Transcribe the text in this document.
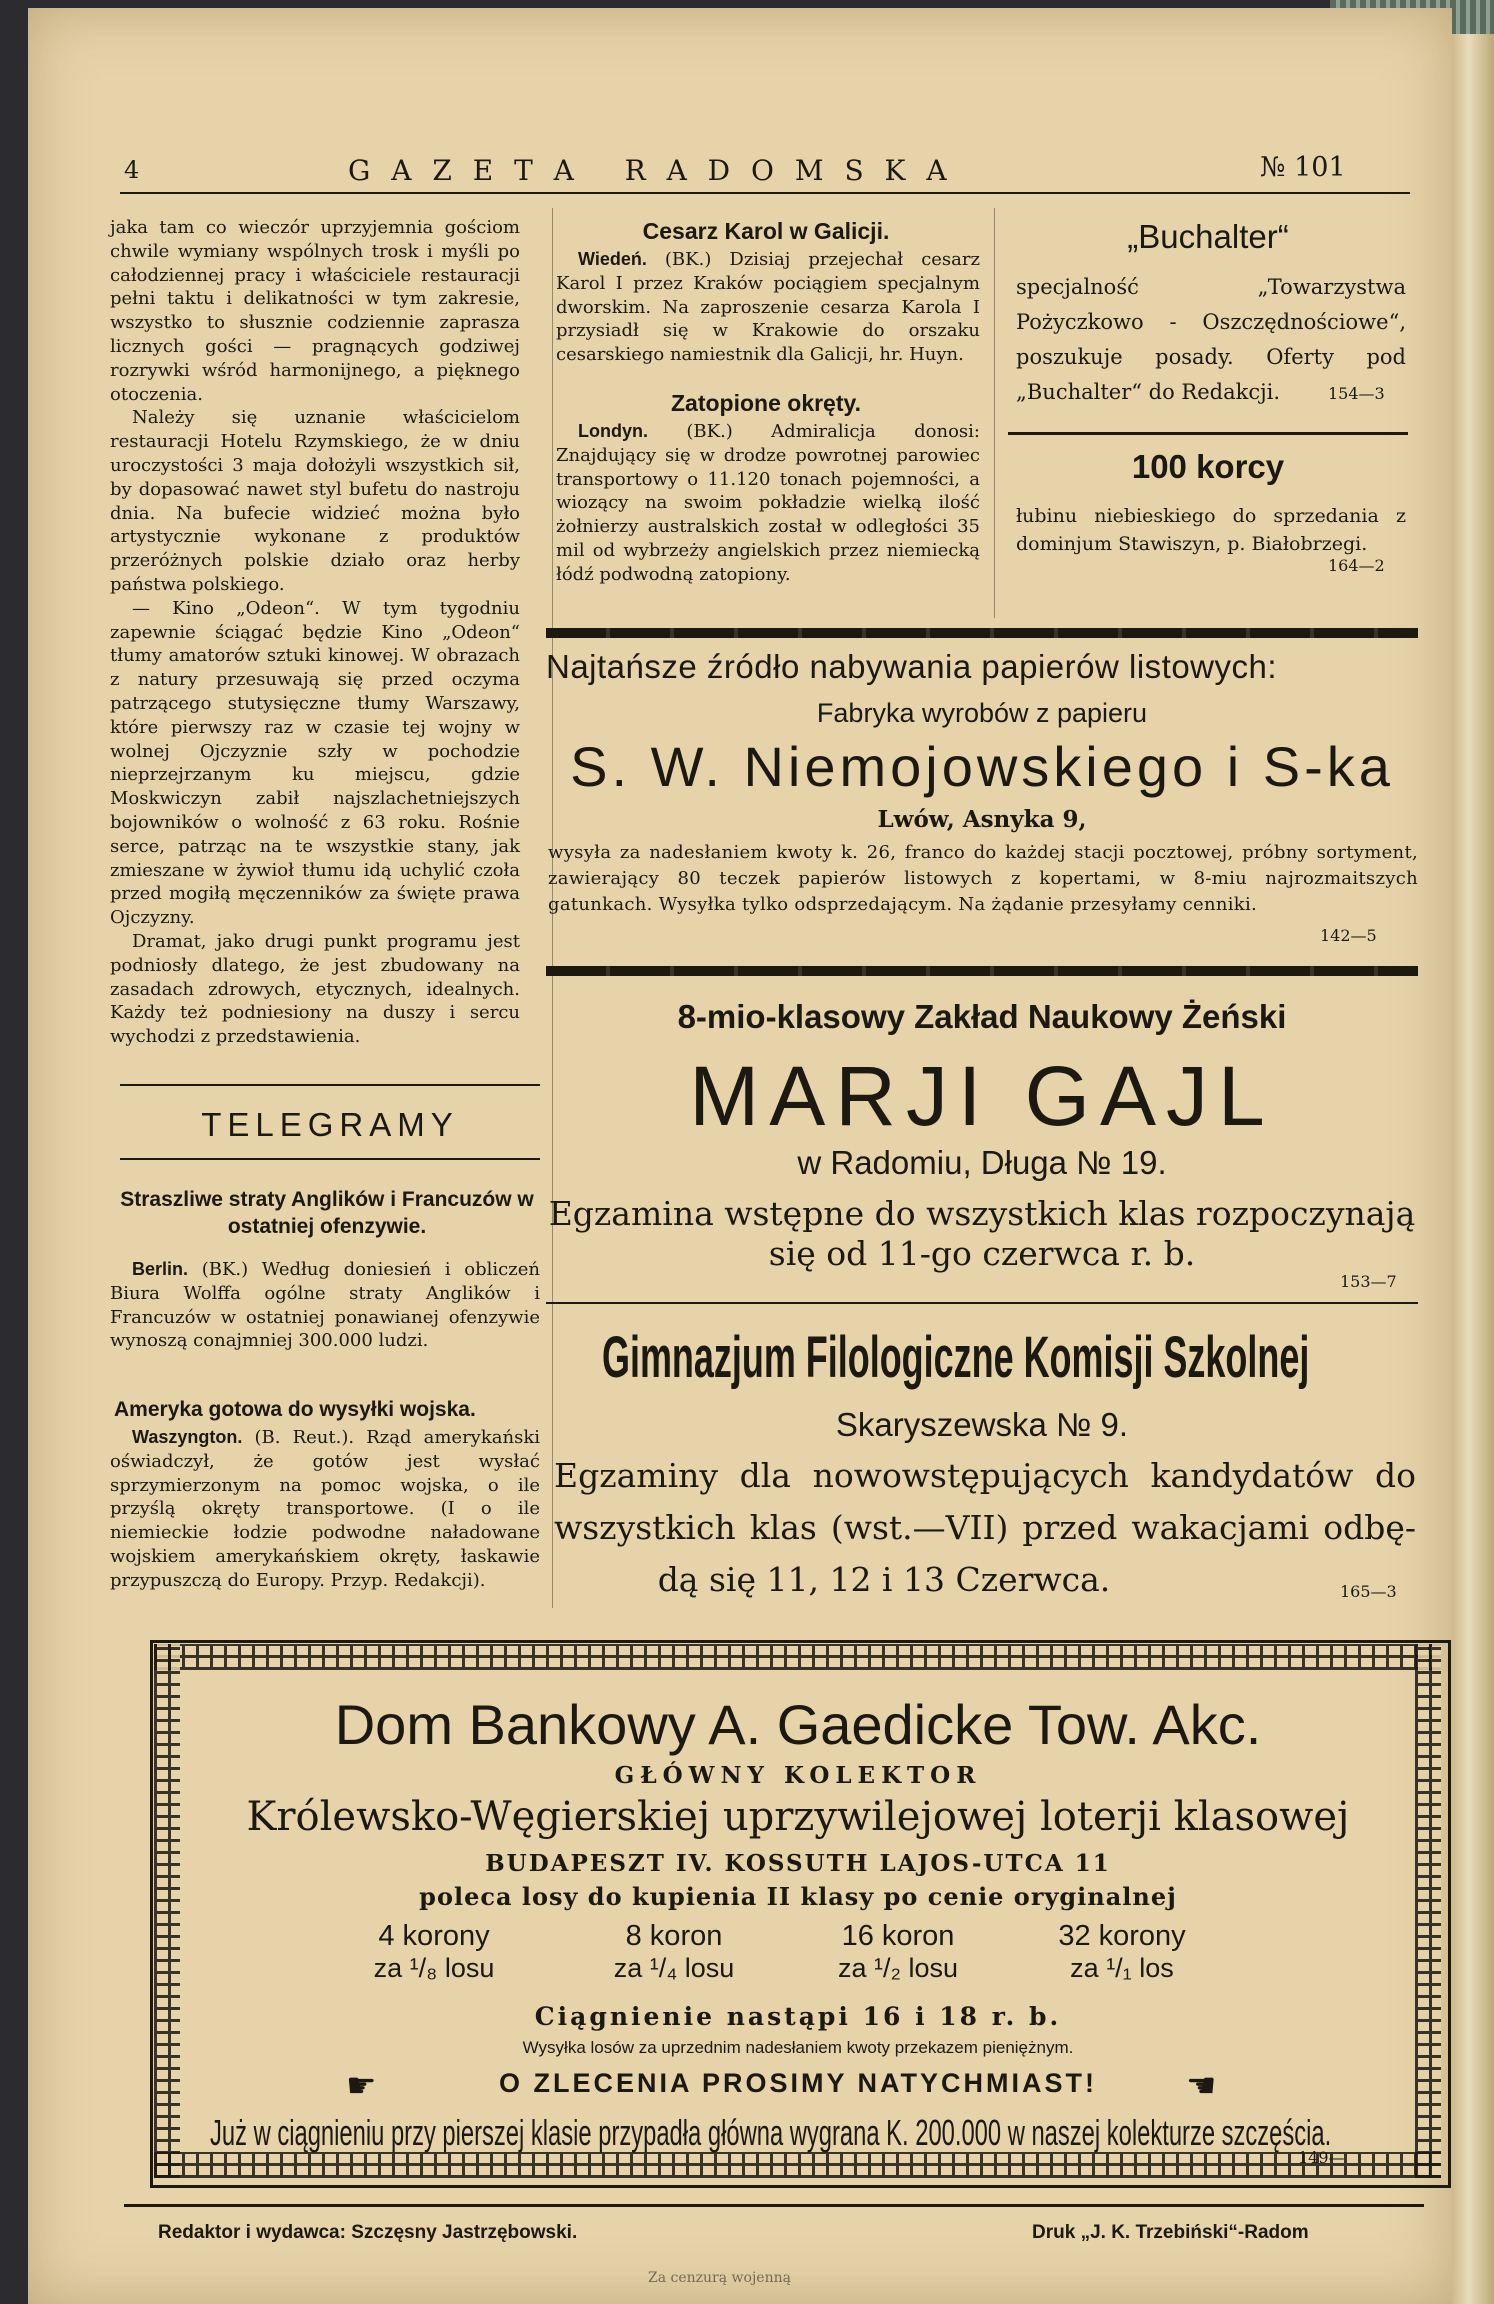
4	G A Z E T A   R A D O M S K A	№ 101

jaka tam co wieczór uprzyjemnia gościom chwile wymiany wspólnych trosk i myśli po całodziennej pracy i właściciele restauracji pełni taktu i delikatności w tym zakresie, wszystko to słusznie codziennie zaprasza licznych gości — pragnących godziwej rozrywki wśród harmonijnego, a pięknego otoczenia.

Należy się uznanie właścicielom restauracji Hotelu Rzymskiego, że w dniu uroczystości 3 maja dołożyli wszystkich sił, by dopasować nawet styl bufetu do nastroju dnia. Na bufecie widzieć można było artystycznie wykonane z produktów przeróżnych polskie działo oraz herby państwa polskiego.

— Kino „Odeon“. W tym tygodniu zapewnie ściągać będzie Kino „Odeon“ tłumy amatorów sztuki kinowej. W obrazach z natury przesuwają się przed oczyma patrzącego stutysięczne tłumy Warszawy, które pierwszy raz w czasie tej wojny w wolnej Ojczyznie szły w pochodzie nieprzejrzanym ku miejscu, gdzie Moskwiczyn zabił najszlachetniejszych bojowników o wolność z 63 roku. Rośnie serce, patrząc na te wszystkie stany, jak zmieszane w żywioł tłumu idą uchylić czoła przed mogiłą męczenników za święte prawa Ojczyzny.

Dramat, jako drugi punkt programu jest podniosły dlatego, że jest zbudowany na zasadach zdrowych, etycznych, idealnych. Każdy też podniesiony na duszy i sercu wychodzi z przedstawienia.

TELEGRAMY
Straszliwe straty Anglików i Francuzów w ostatniej ofenzywie.

Berlin. (BK.) Według doniesień i obliczeń Biura Wolffa ogólne straty Anglików i Francuzów w ostatniej ponawianej ofenzywie wynoszą conajmniej 300.000 ludzi.

Ameryka gotowa do wysyłki wojska.

Waszyngton. (B. Reut.). Rząd amerykański oświadczył, że gotów jest wysłać sprzymierzonym na pomoc wojska, o ile przyślą okręty transportowe. (I o ile niemieckie łodzie podwodne naładowane wojskiem amerykańskiem okręty, łaskawie przypuszczą do Europy. Przyp. Redakcji).

Cesarz Karol w Galicji.

Wiedeń. (BK.) Dzisiaj przejechał cesarz Karol I przez Kraków pociągiem specjalnym dworskim. Na zaproszenie cesarza Karola I przysiadł się w Krakowie do orszaku cesarskiego namiestnik dla Galicji, hr. Huyn.

Zatopione okręty.

Londyn. (BK.) Admiralicja donosi: Znajdujący się w drodze powrotnej parowiec transportowy o 11.120 tonach pojemności, a wiozący na swoim pokładzie wielką ilość żołnierzy australskich został w odległości 35 mil od wybrzeży angielskich przez niemiecką łódź podwodną zatopiony.

„Buchalter“
specjalność „Towarzystwa Pożyczkowo - Oszczędnościowe“, poszukuje posady. Oferty pod „Buchalter“ do Redakcji.	154—3
100 korcy
łubinu niebieskiego do sprzedania z dominjum Stawiszyn, p. Białobrzegi.
164—2
Najtańsze źródło nabywania papierów listowych:
Fabryka wyrobów z papieru
S. W. Niemojowskiego i S-ka
Lwów, Asnyka 9,
wysyła za nadesłaniem kwoty k. 26, franco do każdej stacji pocztowej, próbny sortyment, zawierający 80 teczek papierów listowych z kopertami, w 8-miu najrozmaitszych gatunkach. Wysyłka tylko odsprzedającym. Na żądanie przesyłamy cenniki.
142—5
8-mio-klasowy Zakład Naukowy Żeński
MARJI GAJL
w Radomiu, Długa № 19.
Egzamina wstępne do wszystkich klas rozpoczynają
się od 11-go czerwca r. b.
153—7
Gimnazjum Filologiczne Komisji Szkolnej
Skaryszewska № 9.
Egzaminy dla nowowstępujących kandydatów do
wszystkich klas (wst.—VII) przed wakacjami odbę-
dą się 11, 12 i 13 Czerwca.	165—3
Dom Bankowy A. Gaedicke Tow. Akc.
GŁÓWNY KOLEKTOR
Królewsko-Węgierskiej uprzywilejowej loterji klasowej
BUDAPESZT IV. KOSSUTH LAJOS-UTCA 11
poleca losy do kupienia II klasy po cenie oryginalnej
4 korony
za ¹/₈ losu
8 koron
za ¹/₄ losu
16 koron
za ¹/₂ losu
32 korony
za ¹/₁ los
Ciągnienie nastąpi 16 i 18 r. b.
Wysyłka losów za uprzednim nadesłaniem kwoty przekazem pieniężnym.
☛	O ZLECENIA PROSIMY NATYCHMIAST!	☚
Już w ciągnieniu przy pierszej klasie przypadła główna wygrana K. 200.000 w naszej kolekturze szczęścia.
149—
Redaktor i wydawca: Szczęsny Jastrzębowski.	Druk „J. K. Trzebiński“-Radom
Za cenzurą wojenną
